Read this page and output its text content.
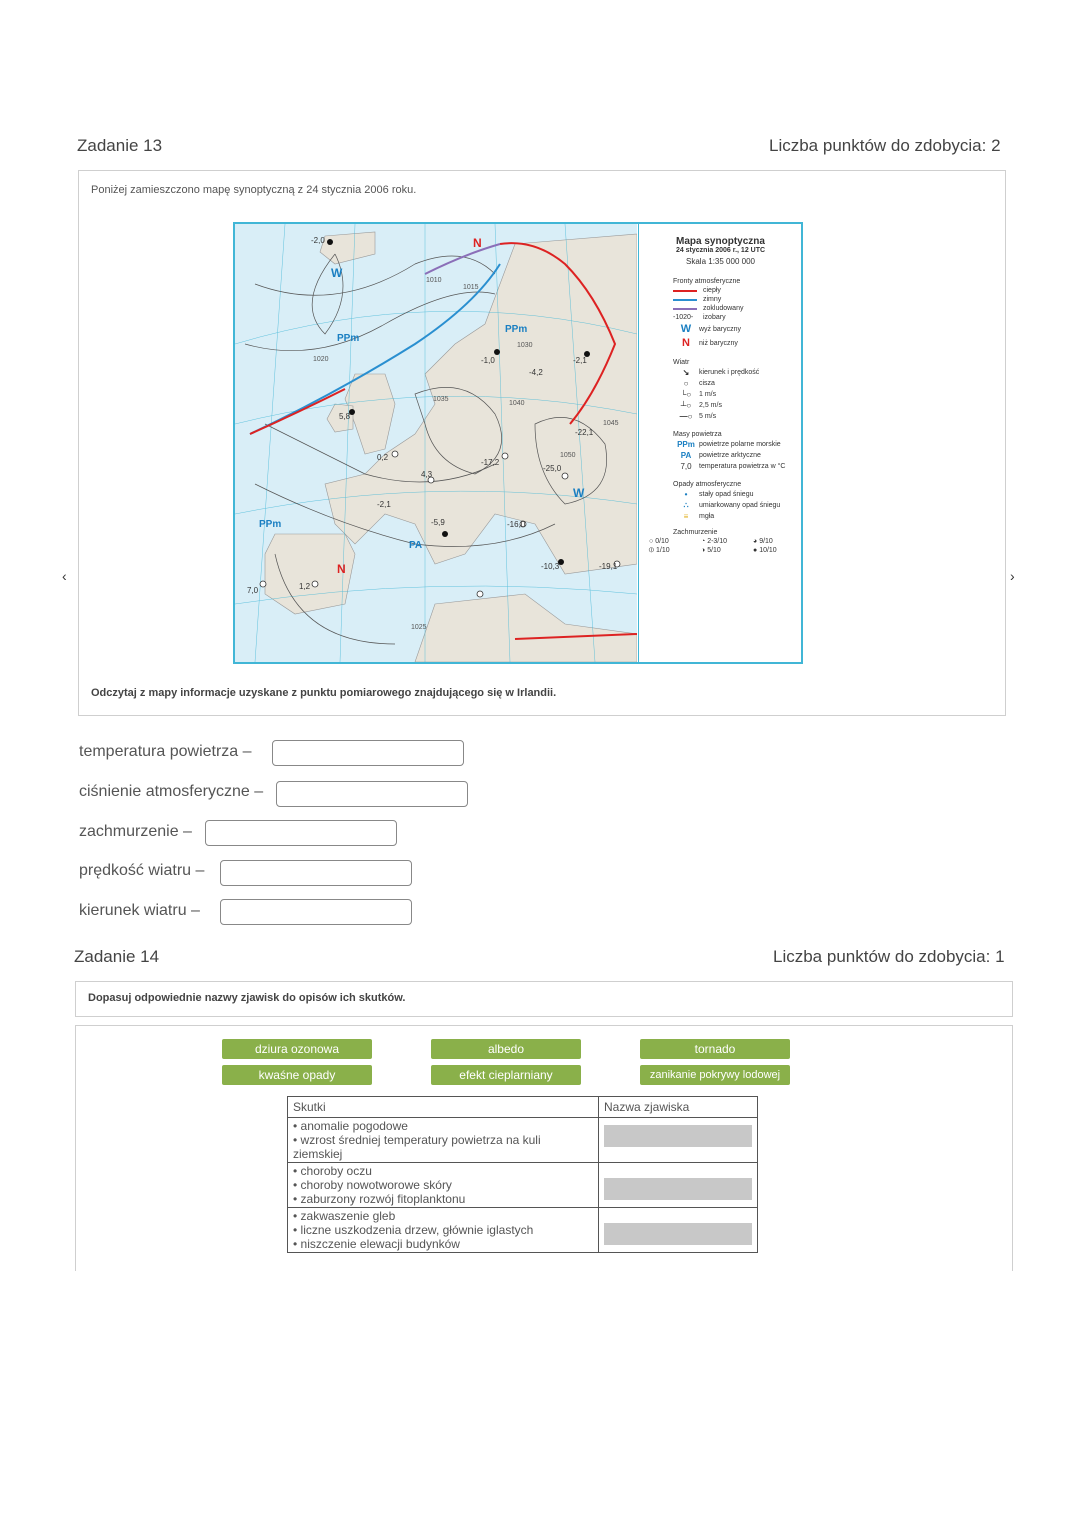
Zadanie 13	Liczba punktów do zdobycia: 2
Poniżej zamieszczono mapę synoptyczną z 24 stycznia 2006 roku.
W
W
N
N
PPm
PPm
PPm
PA
1010
1015
1020
1030
1035
1040
1045
1050
1025
-2,0
5,8
0,2
4,3
-2,1
-5,9
-17,2
-16,0
-25,0
-22,1
-10,3	-19,1
7,0	1,2
-4,2
-2,1
-1,0
Mapa synoptyczna
24 stycznia 2006 r., 12 UTC
Skala 1:35 000 000
Fronty atmosferyczne
ciepły
zimny
zokludowany
-1020-	izobary
W	wyż baryczny
N	niż baryczny
Wiatr
↘	kierunek i prędkość
○	cisza
└○	1 m/s
┴○	2,5 m/s
—○ 5 m/s
Masy powietrza
PPm powietrze polarne morskie
PA	powietrze arktyczne
7,0	temperatura powietrza w °C
Opady atmosferyczne
•	stały opad śniegu
∴	umiarkowany opad śniegu
≡	mgła
Zachmurzenie
○ 0/10	◔ 2-3/10	◕ 9/10
⦶ 1/10	◑ 5/10	● 10/10
Odczytaj z mapy informacje uzyskane z punktu pomiarowego znajdującego się w Irlandii.
temperatura powietrza –
ciśnienie atmosferyczne –
zachmurzenie –
prędkość wiatru –
kierunek wiatru –
‹	›
Zadanie 14	Liczba punktów do zdobycia: 1
Dopasuj odpowiednie nazwy zjawisk do opisów ich skutków.
dziura ozonowa	albedo	tornado
kwaśne opady	efekt cieplarniany	zanikanie pokrywy lodowej
Skutki	Nazwa zjawiska

• anomalie pogodowe
• wzrost średniej temperatury powietrza na kuli ziemskiej	

• choroby oczu
• choroby nowotworowe skóry
• zaburzony rozwój fitoplanktonu	

• zakwaszenie gleb
• liczne uszkodzenia drzew, głównie iglastych
• niszczenie elewacji budynków	
